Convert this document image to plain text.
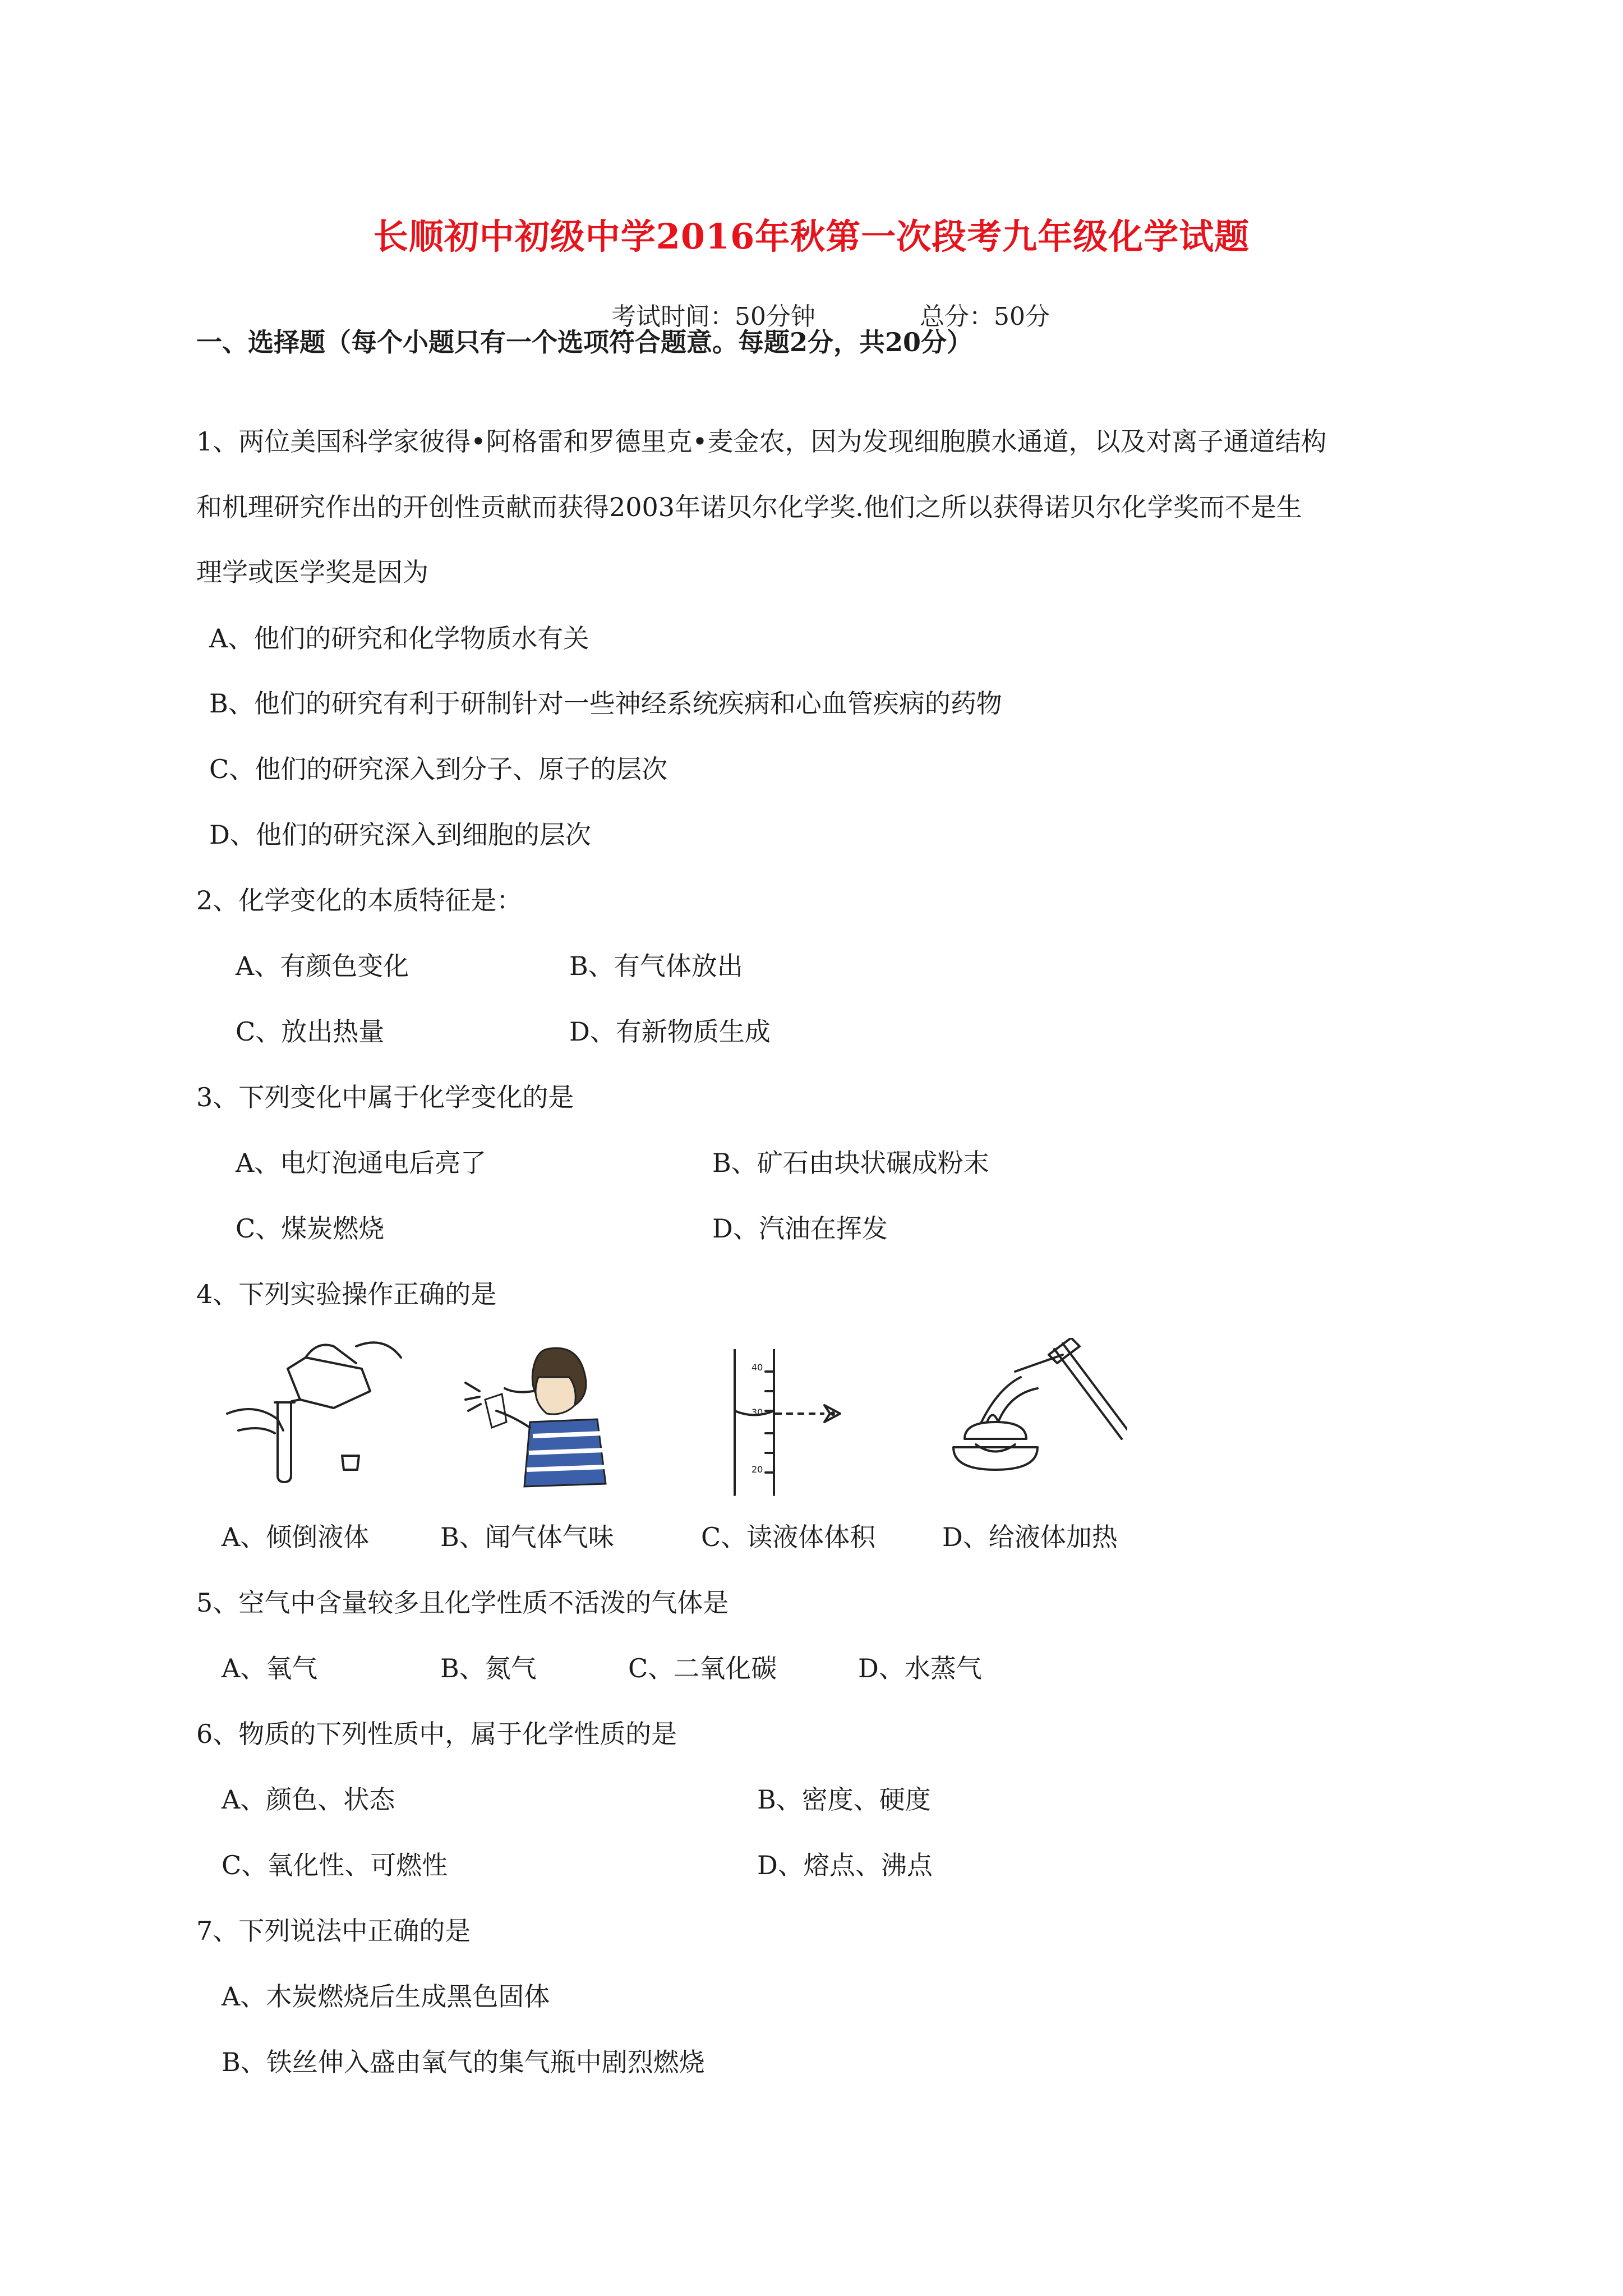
长顺初中初级中学2016年秋第一次段考九年级化学试题
考试时间：50分钟	总分：50分
一、选择题（每个小题只有一个选项符合题意。每题2分，共20分）
1、两位美国科学家彼得•阿格雷和罗德里克•麦金农，因为发现细胞膜水通道，以及对离子通道结构
和机理研究作出的开创性贡献而获得2003年诺贝尔化学奖.他们之所以获得诺贝尔化学奖而不是生
理学或医学奖是因为
A、他们的研究和化学物质水有关
B、他们的研究有利于研制针对一些神经系统疾病和心血管疾病的药物
C、他们的研究深入到分子、原子的层次
D、他们的研究深入到细胞的层次
2、化学变化的本质特征是：
A、有颜色变化	B、有气体放出
C、放出热量	D、有新物质生成
3、下列变化中属于化学变化的是
A、电灯泡通电后亮了	B、矿石由块状碾成粉末
C、煤炭燃烧	D、汽油在挥发
4、下列实验操作正确的是
40
30
20
A、倾倒液体	B、闻气体气味	C、读液体体积	D、给液体加热
5、空气中含量较多且化学性质不活泼的气体是
A、氧气	B、氮气	C、二氧化碳	D、水蒸气
6、物质的下列性质中，属于化学性质的是
A、颜色、状态	B、密度、硬度
C、氧化性、可燃性	D、熔点、沸点
7、下列说法中正确的是
A、木炭燃烧后生成黑色固体
B、铁丝伸入盛由氧气的集气瓶中剧烈燃烧
